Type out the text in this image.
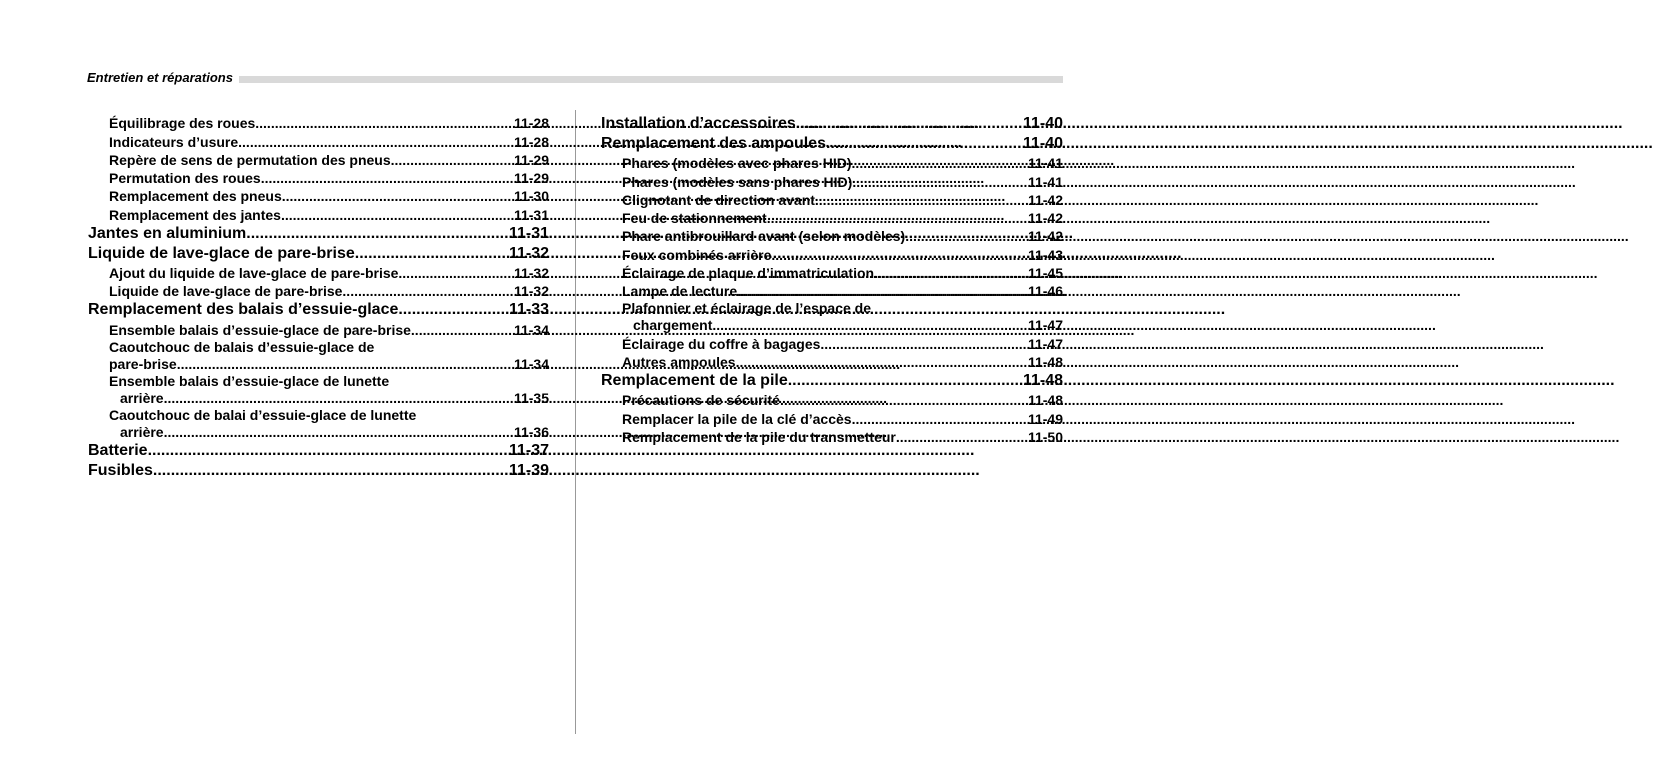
Entretien et réparations
Équilibrage des roues .....	11-28
Indicateurs d’usure .....	11-28
Repère de sens de permutation des pneus .....	11-29
Permutation des roues .....	11-29
Remplacement des pneus .....	11-30
Remplacement des jantes .....	11-31
Jantes en aluminium .....	11-31
Liquide de lave-glace de pare-brise .....	11-32
Ajout du liquide de lave-glace de pare-brise .....	11-32
Liquide de lave-glace de pare-brise .....	11-32
Remplacement des balais d’essuie-glace .....	11-33
Ensemble balais d’essuie-glace de pare-brise .....	11-34
Caoutchouc de balais d’essuie-glace de
pare-brise .....	11-34
Ensemble balais d’essuie-glace de lunette
arrière .....	11-35
Caoutchouc de balai d’essuie-glace de lunette
arrière .....	11-36
Batterie .....	11-37
Fusibles .....	11-39
Installation d’accessoires .....	11-40
Remplacement des ampoules .....	11-40
Phares (modèles avec phares HID) .....	11-41
Phares (modèles sans phares HID) .....	11-41
Clignotant de direction avant .....	11-42
Feu de stationnement .....	11-42
Phare antibrouillard avant (selon modèles) .....	11-42
Feux combinés arrière .....	11-43
Éclairage de plaque d’immatriculation .....	11-45
Lampe de lecture .....	11-46
Plafonnier et éclairage de l’espace de
chargement .....	11-47
Éclairage du coffre à bagages .....	11-47
Autres ampoules .....	11-48
Remplacement de la pile .....	11-48
Précautions de sécurité .....	11-48
Remplacer la pile de la clé d’accès .....	11-49
Remplacement de la pile du transmetteur .....	11-50
